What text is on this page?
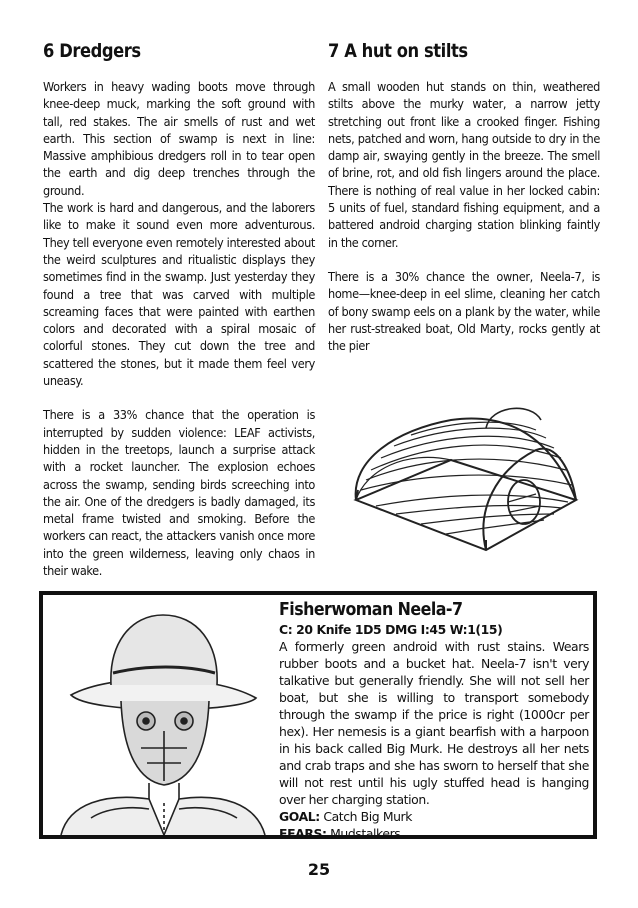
6 Dredgers

Workers in heavy wading boots move through knee-deep muck, marking the soft ground with tall, red stakes. The air smells of rust and wet earth. This section of swamp is next in line: Massive amphibious dredgers roll in to tear open the earth and dig deep trenches through the ground.

The work is hard and dangerous, and the laborers like to make it sound even more adventurous. They tell everyone even remotely interested about the weird sculptures and ritualistic displays they sometimes find in the swamp. Just yesterday they found a tree that was carved with multiple screaming faces that were painted with earthen colors and decorated with a spiral mosaic of colorful stones. They cut down the tree and scattered the stones, but it made them feel very uneasy.

There is a 33% chance that the operation is interrupted by sudden violence: LEAF activists, hidden in the treetops, launch a surprise attack with a rocket launcher. The explosion echoes across the swamp, sending birds screeching into the air. One of the dredgers is badly damaged, its metal frame twisted and smoking. Before the workers can react, the attackers vanish once more into the green wilderness, leaving only chaos in their wake.

7 A hut on stilts

A small wooden hut stands on thin, weathered stilts above the murky water, a narrow jetty stretching out front like a crooked finger. Fishing nets, patched and worn, hang outside to dry in the damp air, swaying gently in the breeze. The smell of brine, rot, and old fish lingers around the place. There is nothing of real value in her locked cabin: 5 units of fuel, standard fishing equipment, and a battered android charging station blinking faintly in the corner.

There is a 30% chance the owner, Neela-7, is home—knee-deep in eel slime, cleaning her catch of bony swamp eels on a plank by the water, while her rust-streaked boat, Old Marty, rocks gently at the pier

Fisherwoman Neela-7
C: 20 Knife 1D5 DMG I:45 W:1(15)
A formerly green android with rust stains. Wears rubber boots and a bucket hat. Neela-7 isn't very talkative but generally friendly. She will not sell her boat, but she is willing to transport somebody through the swamp if the price is right (1000cr per hex). Her nemesis is a giant bearfish with a harpoon in his back called Big Murk. He destroys all her nets and crab traps and she has sworn to herself that she will not rest until his ugly stuffed head is hanging over her charging station.
GOAL: Catch Big Murk
FEARS: Mudstalkers
25
